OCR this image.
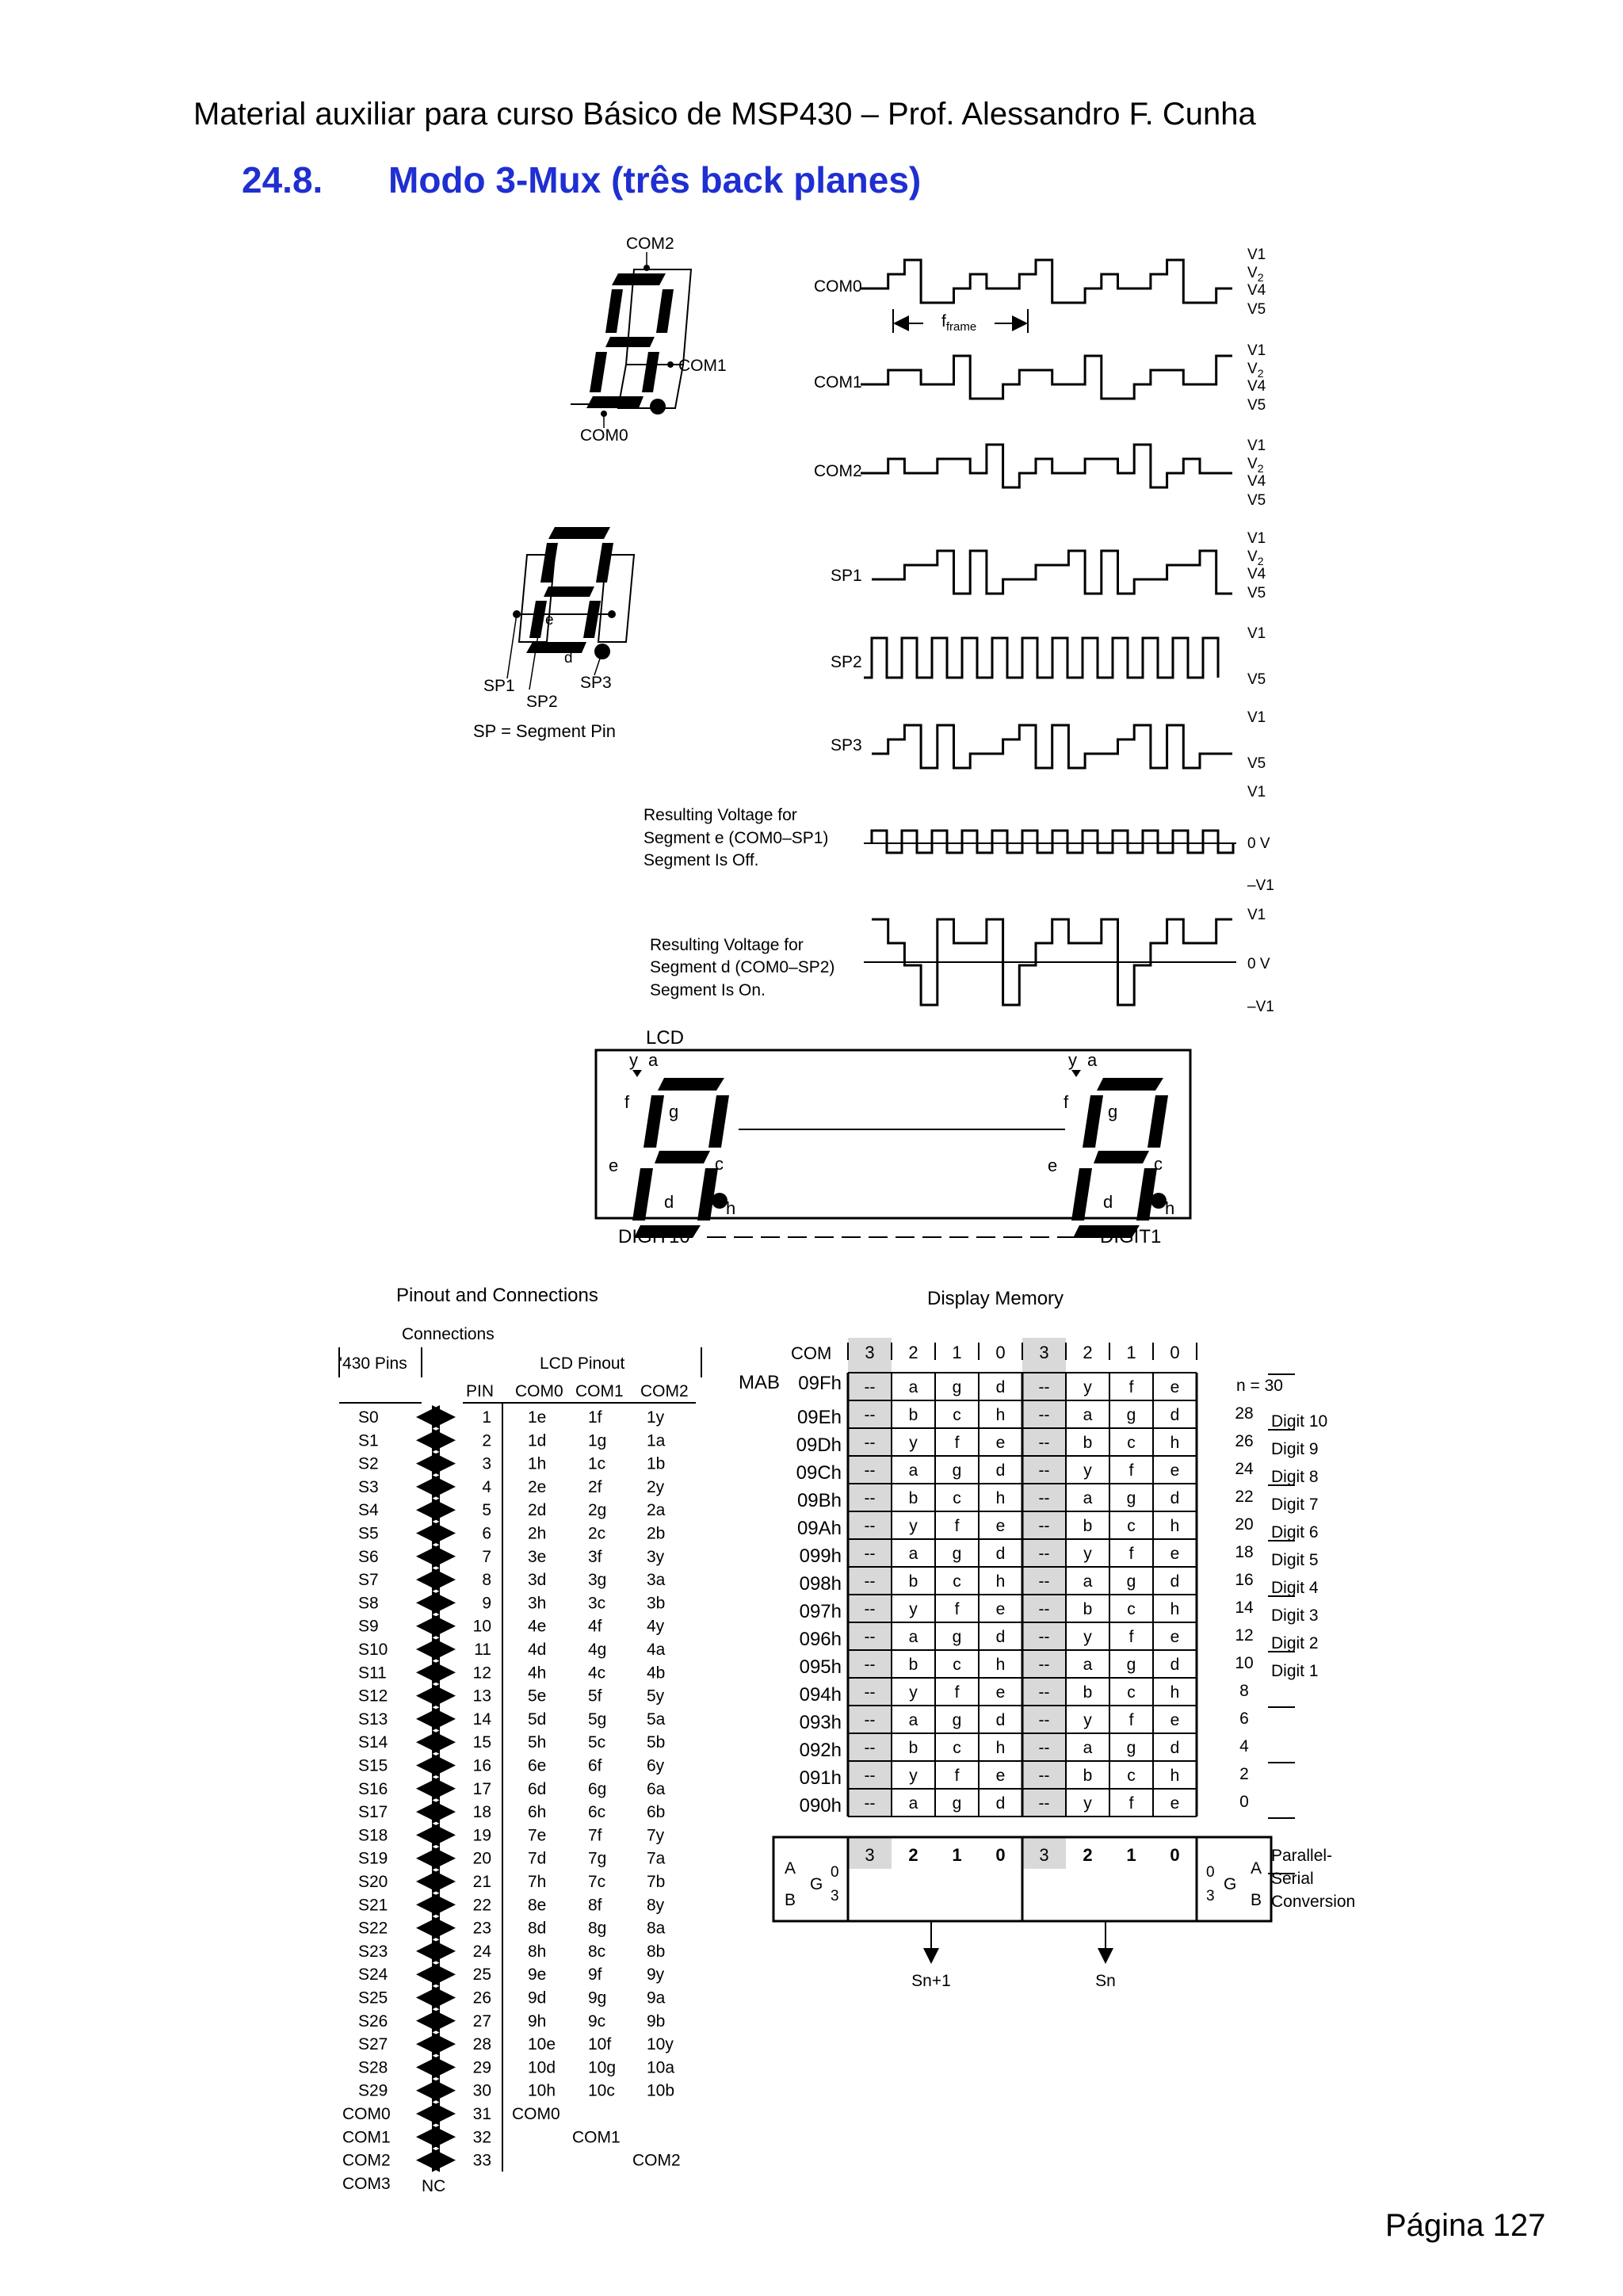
Material auxiliar para curso Básico de MSP430 – Prof. Alessandro F. Cunha
24.8. Modo 3-Mux (três back planes)
COM2
COM1
COM0
e
d
SP1
SP2
SP3
SP = Segment Pin
COM0
COM1
COM2
SP1
SP2
SP3
$f_{frame}$
V1
$V_2$
V4
V5
V1
$V_2$
V4
V5
V1
$V_2$
V4
V5
V1
$V_2$
V4
V5
V1
V5
V1
V5
V1
0 V
–V1
V1
0 V
–V1
Resulting Voltage for
Segment e (COM0–SP1)
Segment Is Off.
Resulting Voltage for
Segment d (COM0–SP2)
Segment Is On.
LCD
y a
f g b
e	c
d	h
y a
f g b
e	c
d	h
DIGIT10	DIGIT1
Pinout and Connections
Connections
'430 Pins	LCD Pinout
PIN COM0 COM1 COM2
S0	1 1e	1f	1y
S1	2 1d	1g 1a
S2	3 1h	1c 1b
S3	4 2e	2f	2y
S4	5 2d	2g 2a
S5	6 2h	2c 2b
S6	7 3e	3f	3y
S7	8 3d	3g 3a
S8	9 3h	3c 3b
S9	10 4e	4f	4y
S10	11 4d	4g 4a
S11	12 4h	4c 4b
S12	13 5e	5f	5y
S13	14 5d	5g 5a
S14	15 5h	5c 5b
S15	16 6e	6f	6y
S16	17 6d	6g 6a
S17	18 6h	6c 6b
S18	19 7e	7f	7y
S19	20 7d	7g 7a
S20	21 7h	7c 7b
S21	22 8e	8f	8y
S22	23 8d	8g 8a
S23	24 8h	8c 8b
S24	25 9e	9f	9y
S25	26 9d	9g 9a
S26	27 9h	9c 9b
S27	28 10e 10f 10y
S28	29 10d 10g 10a
S29	30 10h 10c 10b
COM0	31 COM0
COM1	32	COM1
COM2	33	COM2
COM3 NC
Display Memory
COM 3 2 1 0 3 2 1 0
MAB 09Fh -- a g d -- y f e
09Eh -- b c h -- a g d
09Dh -- y f e -- b c h
09Ch -- a g d -- y f e
09Bh -- b c h -- a g d
09Ah -- y f e -- b c h
099h -- a g d -- y f e
098h -- b c h -- a g d
097h -- y f e -- b c h
096h -- a g d -- y f e
095h -- b c h -- a g d
094h -- y f e -- b c h
093h -- a g d -- y f e
092h -- b c h -- a g d
091h -- y f e -- b c h
090h -- a g d -- y f e
n = 30
28
26
24
22
20
18
16
14
12
10
8
6
4
2
0
Digit 10
Digit 9
Digit 8
Digit 7
Digit 6
Digit 5
Digit 4
Digit 3
Digit 2
Digit 1
3 2 1 0 3 2 1 0
A
B
G
0
3
A
B
G
0
3
Parallel-
Serial
Conversion
Sn+1	Sn
Página 127
